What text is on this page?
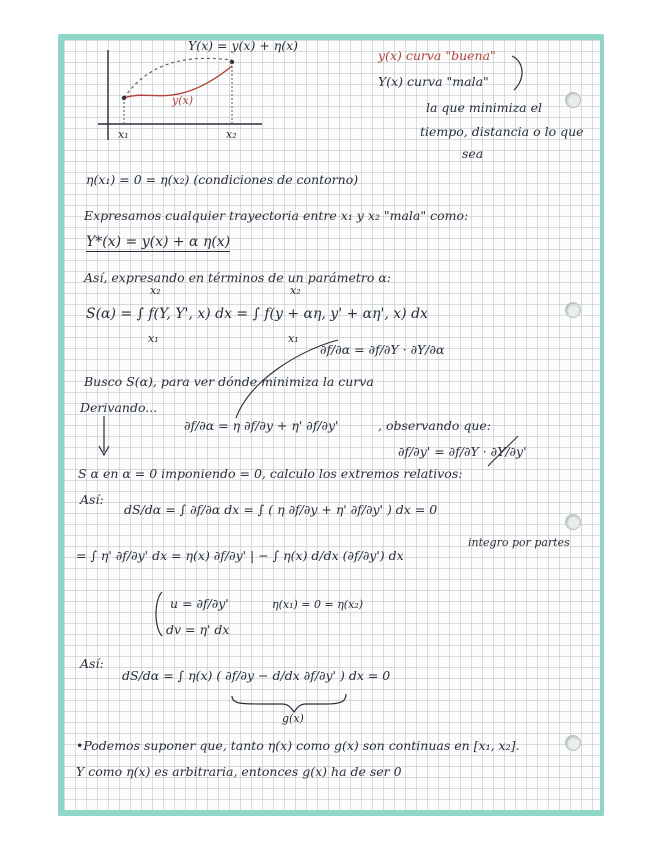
Y(x) = y(x) + η(x)
y(x)
x₁	x₂
y(x) curva "buena"
Y(x) curva "mala"
la que minimiza el
tiempo, distancia o lo que
sea
η(x₁) = 0 = η(x₂) (condiciones de contorno)
Expresamos cualquier trayectoria entre x₁ y x₂ "mala" como:
Y*(x) = y(x) + α η(x)
Así, expresando en términos de un parámetro α:
x₂
x₁
x₂
x₁
S(α) = ∫ f(Y, Y', x) dx = ∫ f(y + αη, y' + αη', x) dx
∂f/∂α = ∂f/∂Y · ∂Y/∂α
Busco S(α), para ver dónde minimiza la curva
Derivando...
∂f/∂α = η ∂f/∂y + η' ∂f/∂y'	, observando que:
∂f/∂y' = ∂f/∂Y · ∂Y/∂y'
S α en α = 0 imponiendo = 0, calculo los extremos relativos:
Así:
dS/dα = ∫ ∂f/∂α dx = ∫ ( η ∂f/∂y + η' ∂f/∂y' ) dx = 0
integro por partes
= ∫ η' ∂f/∂y' dx = η(x) ∂f/∂y' | − ∫ η(x) d/dx (∂f/∂y') dx
u = ∂f/∂y'
dv = η' dx
η(x₁) = 0 = η(x₂)
Así:
dS/dα = ∫ η(x) ( ∂f/∂y − d/dx ∂f/∂y' ) dx = 0
g(x)
•Podemos suponer que, tanto η(x) como g(x) son continuas en [x₁, x₂].
Y como η(x) es arbitraria, entonces g(x) ha de ser 0
